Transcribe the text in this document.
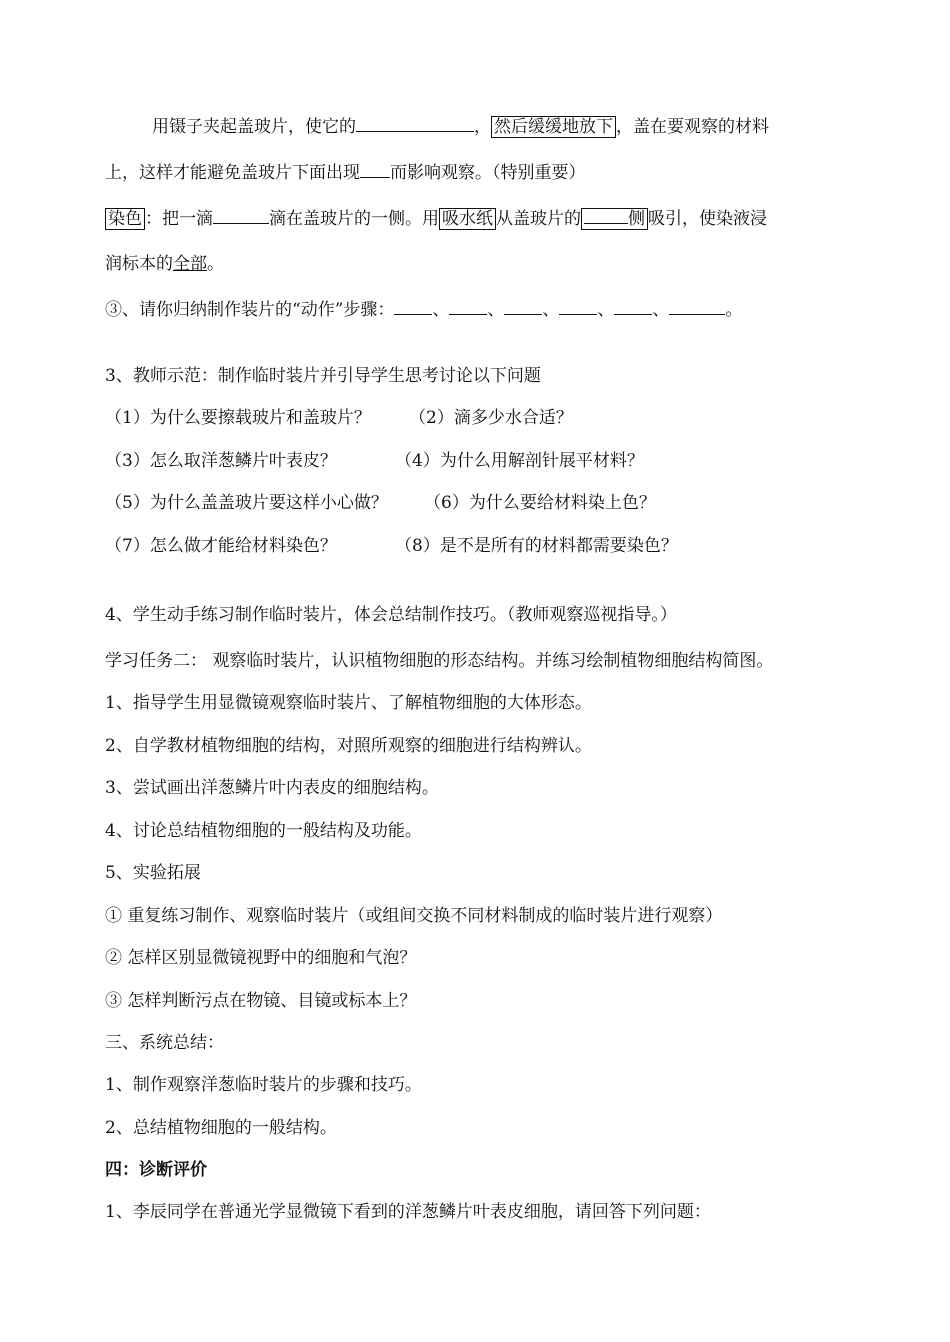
用镊子夹起盖玻片，使它的	， 然后缓缓地放下 ，盖在要观察的材料
上，这样才能避免盖玻片下面出现 而影响观察。（特别重要）
染色 ：把一滴	滴在盖玻片的一侧。用 吸水纸 从盖玻片的	侧 吸引，使染液浸
润标本的全部。
③、请你归纳制作装片的“动作”步骤： 、 、 、 、 、	。
3、教师示范：制作临时装片并引导学生思考讨论以下问题
（1）为什么要擦载玻片和盖玻片？ （2）滴多少水合适？
（3）怎么取洋葱鳞片叶表皮？	（4）为什么用解剖针展平材料？
（5）为什么盖盖玻片要这样小心做？ （6）为什么要给材料染上色？
（7）怎么做才能给材料染色？	（8）是不是所有的材料都需要染色？
4、学生动手练习制作临时装片，体会总结制作技巧。（教师观察巡视指导。）
学习任务二： 观察临时装片，认识植物细胞的形态结构。并练习绘制植物细胞结构简图。
1、指导学生用显微镜观察临时装片、了解植物细胞的大体形态。
2、自学教材植物细胞的结构，对照所观察的细胞进行结构辨认。
3、尝试画出洋葱鳞片叶内表皮的细胞结构。
4、讨论总结植物细胞的一般结构及功能。
5、实验拓展
① 重复练习制作、观察临时装片（或组间交换不同材料制成的临时装片进行观察）
② 怎样区别显微镜视野中的细胞和气泡？
③ 怎样判断污点在物镜、目镜或标本上？
三、系统总结：
1、制作观察洋葱临时装片的步骤和技巧。
2、总结植物细胞的一般结构。
四：诊断评价
1、李辰同学在普通光学显微镜下看到的洋葱鳞片叶表皮细胞，请回答下列问题：
